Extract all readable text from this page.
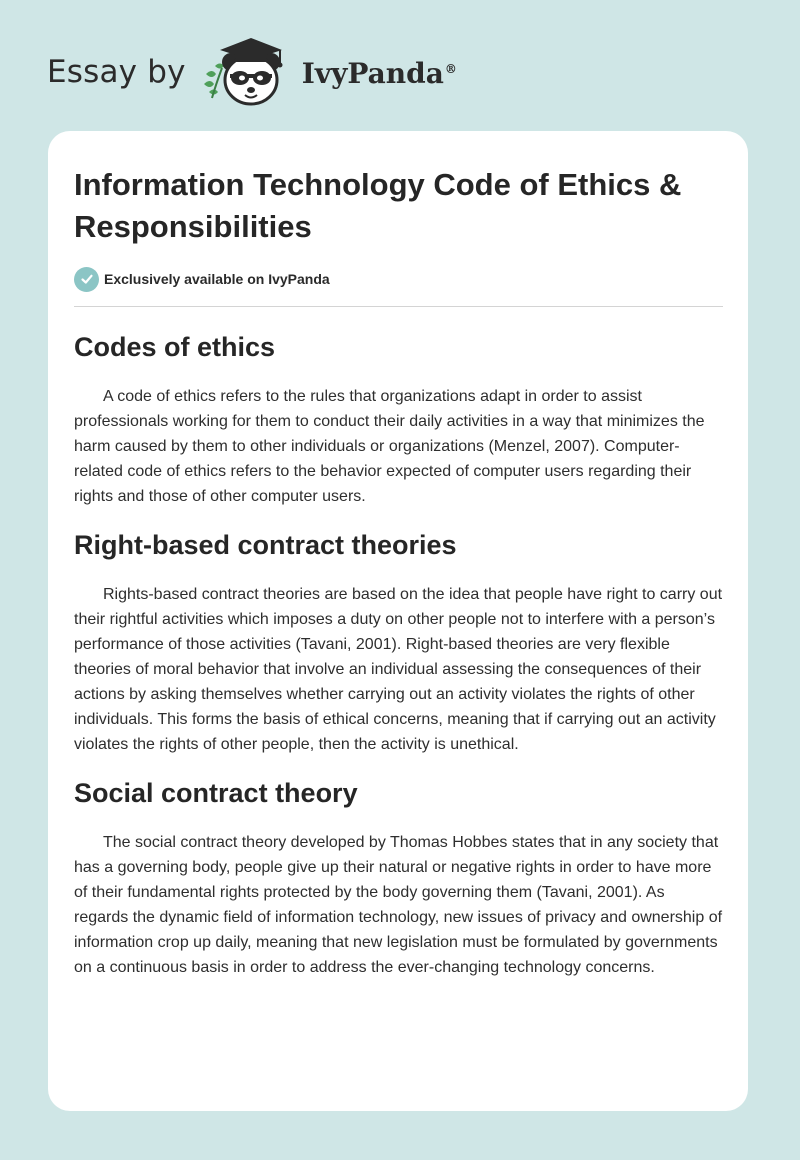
Essay by	IvyPanda®
Information Technology Code of Ethics & Responsibilities
Exclusively available on IvyPanda
Codes of ethics

A code of ethics refers to the rules that organizations adapt in order to assist professionals working for them to conduct their daily activities in a way that minimizes the harm caused by them to other individuals or organizations (Menzel, 2007). Computer-related code of ethics refers to the behavior expected of computer users regarding their rights and those of other computer users.

Right-based contract theories

Rights-based contract theories are based on the idea that people have right to carry out their rightful activities which imposes a duty on other people not to interfere with a person’s performance of those activities (Tavani, 2001). Right-based theories are very flexible theories of moral behavior that involve an individual assessing the consequences of their actions by asking themselves whether carrying out an activity violates the rights of other individuals. This forms the basis of ethical concerns, meaning that if carrying out an activity violates the rights of other people, then the activity is unethical.

Social contract theory

The social contract theory developed by Thomas Hobbes states that in any society that has a governing body, people give up their natural or negative rights in order to have more of their fundamental rights protected by the body governing them (Tavani, 2001). As regards the dynamic field of information technology, new issues of privacy and ownership of information crop up daily, meaning that new legislation must be formulated by governments on a continuous basis in order to address the ever-changing technology concerns.
